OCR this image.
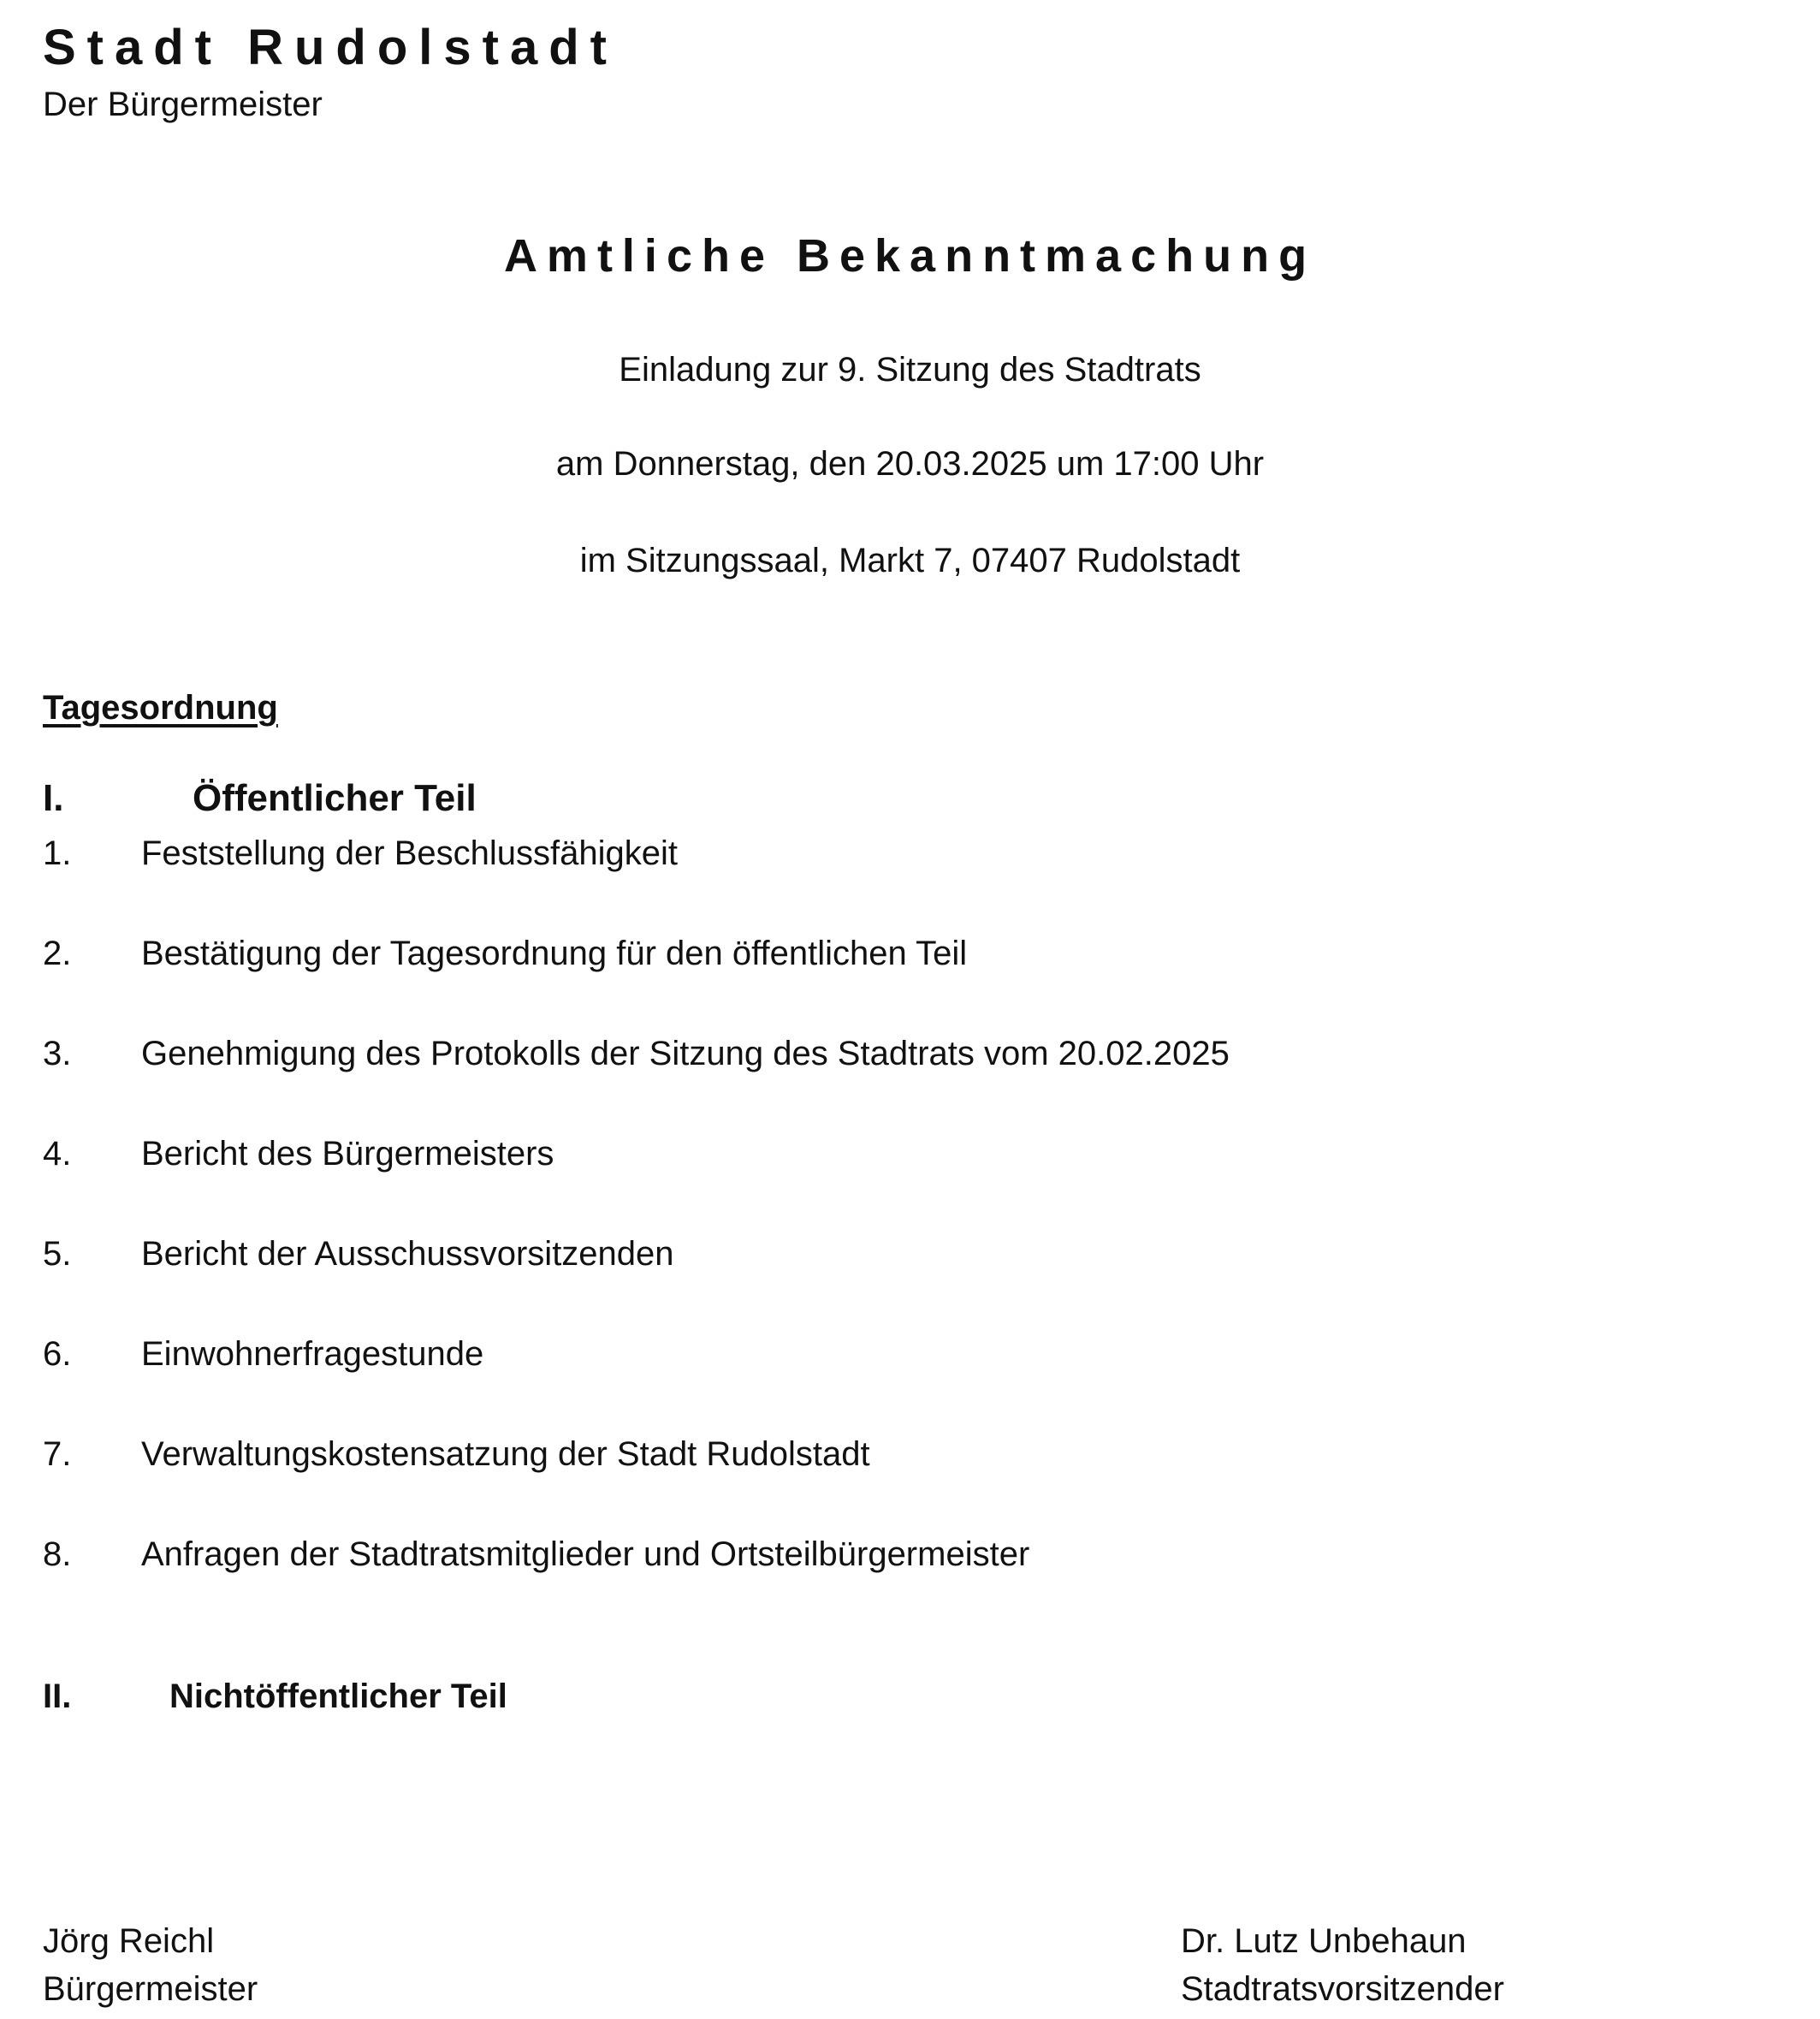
Stadt Rudolstadt
Der Bürgermeister
Amtliche Bekanntmachung
Einladung zur 9. Sitzung des Stadtrats
am Donnerstag, den 20.03.2025 um 17:00 Uhr
im Sitzungssaal, Markt 7, 07407 Rudolstadt
Tagesordnung
I.	Öffentlicher Teil
1. Feststellung der Beschlussfähigkeit
2. Bestätigung der Tagesordnung für den öffentlichen Teil
3. Genehmigung des Protokolls der Sitzung des Stadtrats vom 20.02.2025
4. Bericht des Bürgermeisters
5. Bericht der Ausschussvorsitzenden
6. Einwohnerfragestunde
7. Verwaltungskostensatzung der Stadt Rudolstadt
8. Anfragen der Stadtratsmitglieder und Ortsteilbürgermeister
II.	Nichtöffentlicher Teil
Jörg Reichl
Bürgermeister
Dr. Lutz Unbehaun
Stadtratsvorsitzender
